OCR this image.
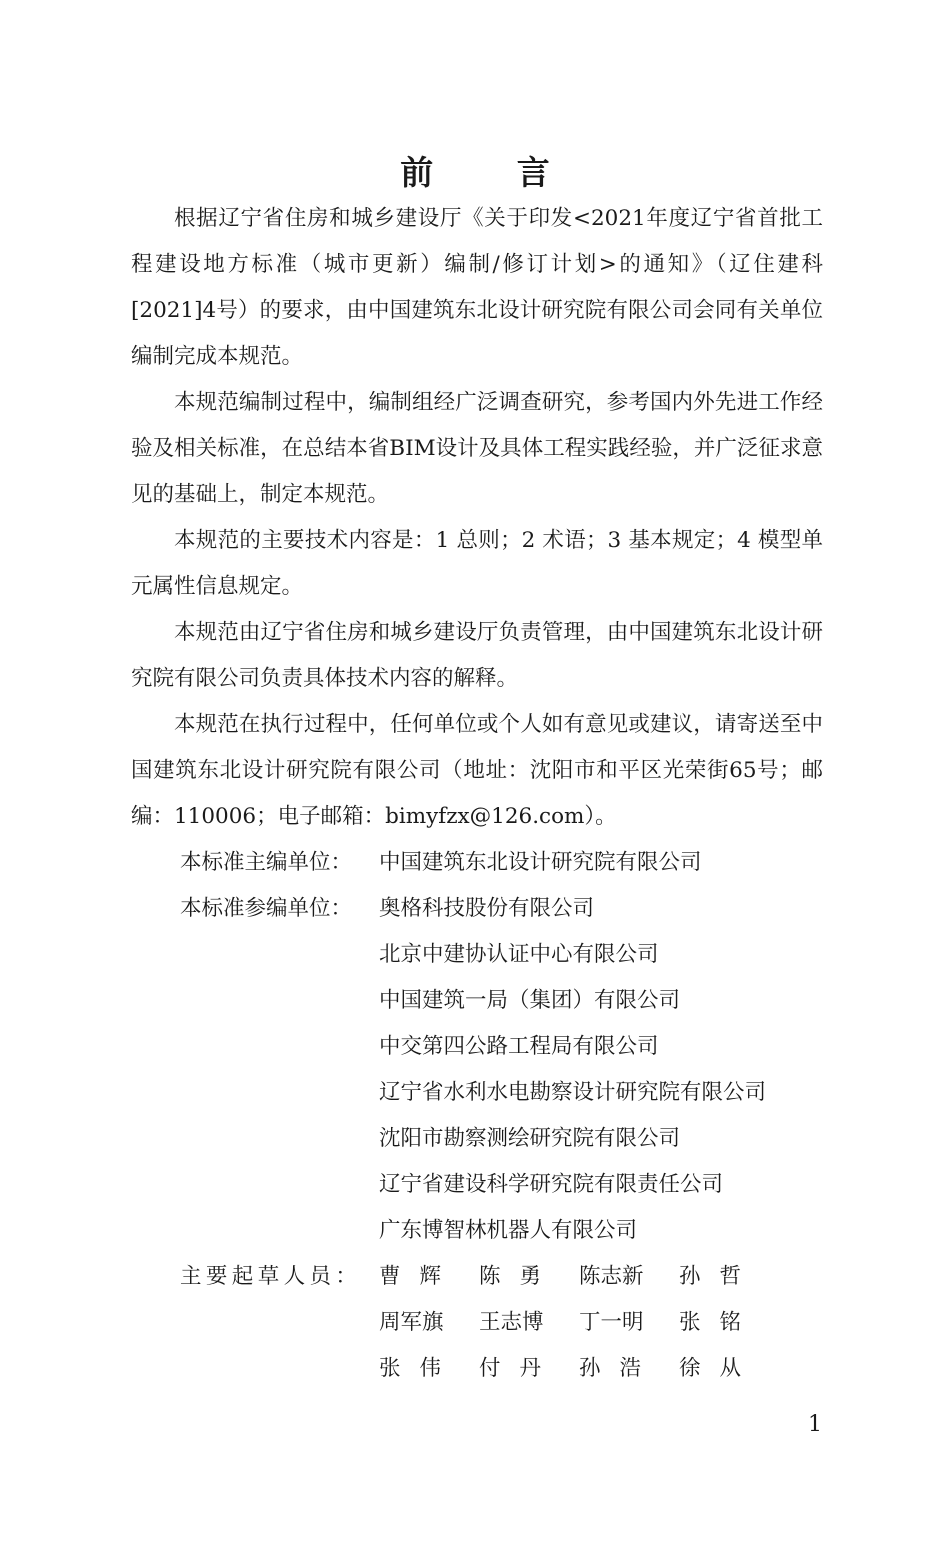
前 言

根据辽宁省住房和城乡建设厅《关于印发<2021年度辽宁省首批工程建设地方标准（城市更新）编制/修订计划>的通知》（辽住建科[2021]4号）的要求，由中国建筑东北设计研究院有限公司会同有关单位编制完成本规范。

本规范编制过程中，编制组经广泛调查研究，参考国内外先进工作经验及相关标准，在总结本省BIM设计及具体工程实践经验，并广泛征求意见的基础上，制定本规范。

本规范的主要技术内容是：1 总则；2 术语；3 基本规定；4 模型单元属性信息规定。

本规范由辽宁省住房和城乡建设厅负责管理，由中国建筑东北设计研究院有限公司负责具体技术内容的解释。

本规范在执行过程中，任何单位或个人如有意见或建议，请寄送至中国建筑东北设计研究院有限公司（地址：沈阳市和平区光荣街65号；邮编：110006；电子邮箱：bimyfzx@126.com）。

本标准主编单位：	中国建筑东北设计研究院有限公司
本标准参编单位：	奥格科技股份有限公司
北京中建协认证中心有限公司
中国建筑一局（集团）有限公司
中交第四公路工程局有限公司
辽宁省水利水电勘察设计研究院有限公司
沈阳市勘察测绘研究院有限公司
辽宁省建设科学研究院有限责任公司
广东博智林机器人有限公司
主要起草人员： 曹辉 陈勇 陈志新	孙哲
周军旗	王志博	丁一明	张铭
张伟 付丹 孙浩 徐从
1
